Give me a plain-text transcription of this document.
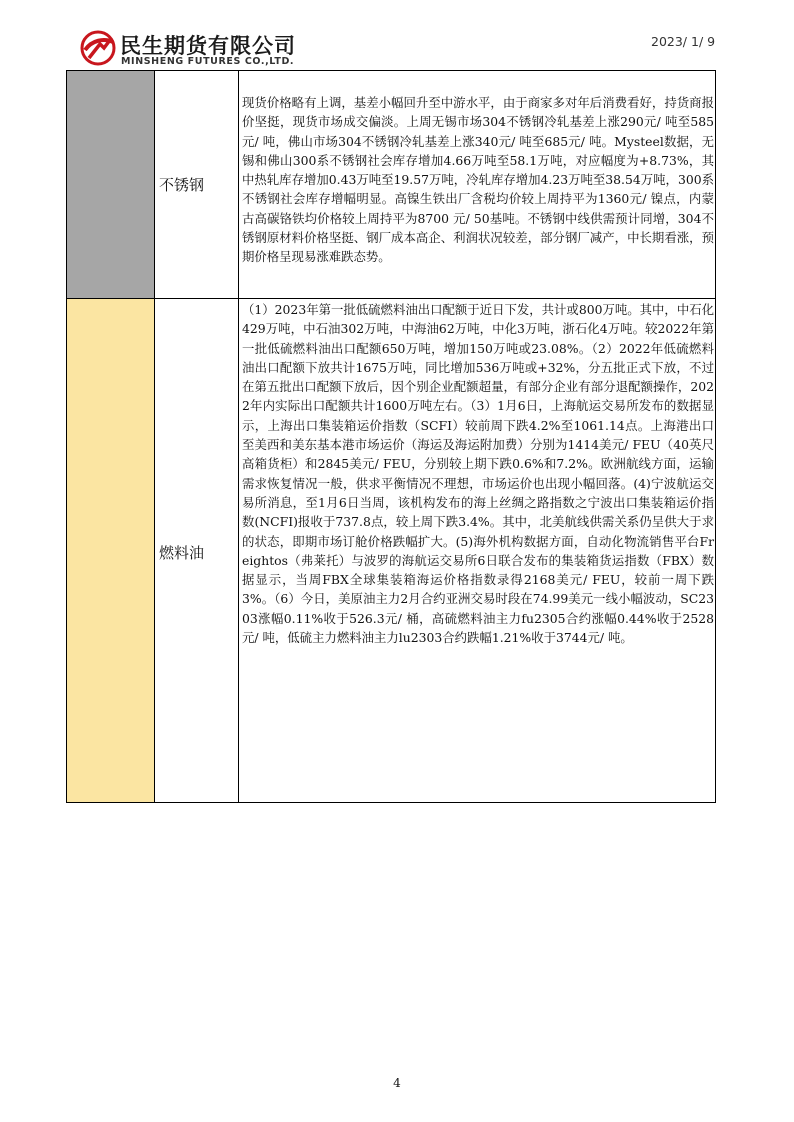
民生期货有限公司
MINSHENG FUTURES CO.,LTD.
2023/ 1/ 9
不锈钢

现货价格略有上调，基差小幅回升至中游水平，由于商家多对年后消费看好，持货商报价坚挺，现货市场成交偏淡。上周无锡市场304不锈钢冷轧基差上涨290元/ 吨至585元/ 吨，佛山市场304不锈钢冷轧基差上涨340元/ 吨至685元/ 吨。Mysteel数据，无锡和佛山300系不锈钢社会库存增加4.66万吨至58.1万吨，对应幅度为+8.73%，其中热轧库存增加0.43万吨至19.57万吨，冷轧库存增加4.23万吨至38.54万吨，300系不锈钢社会库存增幅明显。高镍生铁出厂含税均价较上周持平为1360元/ 镍点，内蒙古高碳铬铁均价格较上周持平为8700 元/ 50基吨。不锈钢中线供需预计同增，304不锈钢原材料价格坚挺、钢厂成本高企、利润状况较差，部分钢厂减产，中长期看涨，预期价格呈现易涨难跌态势。

燃料油

（1）2023年第一批低硫燃料油出口配额于近日下发，共计或800万吨。其中，中石化429万吨，中石油302万吨，中海油62万吨，中化3万吨，浙石化4万吨。较2022年第一批低硫燃料油出口配额650万吨，增加150万吨或23.08%。（2）2022年低硫燃料油出口配额下放共计1675万吨，同比增加536万吨或+32%，分五批正式下放，不过在第五批出口配额下放后，因个别企业配额超量，有部分企业有部分退配额操作，2022年内实际出口配额共计1600万吨左右。（3）1月6日，上海航运交易所发布的数据显示，上海出口集装箱运价指数（SCFI）较前周下跌4.2%至1061.14点。上海港出口至美西和美东基本港市场运价（海运及海运附加费）分别为1414美元/ FEU（40英尺高箱货柜）和2845美元/ FEU，分别较上期下跌0.6%和7.2%。欧洲航线方面，运输需求恢复情况一般，供求平衡情况不理想，市场运价也出现小幅回落。(4)宁波航运交易所消息，至1月6日当周，该机构发布的海上丝绸之路指数之宁波出口集装箱运价指数(NCFI)报收于737.8点，较上周下跌3.4%。其中，北美航线供需关系仍呈供大于求的状态，即期市场订舱价格跌幅扩大。(5)海外机构数据方面，自动化物流销售平台Freightos（弗莱托）与波罗的海航运交易所6日联合发布的集装箱货运指数（FBX）数据显示，当周FBX全球集装箱海运价格指数录得2168美元/ FEU，较前一周下跌3%。（6）今日，美原油主力2月合约亚洲交易时段在74.99美元一线小幅波动，SC2303涨幅0.11%收于526.3元/ 桶，高硫燃料油主力fu2305合约涨幅0.44%收于2528元/ 吨，低硫主力燃料油主力lu2303合约跌幅1.21%收于3744元/ 吨。

4
